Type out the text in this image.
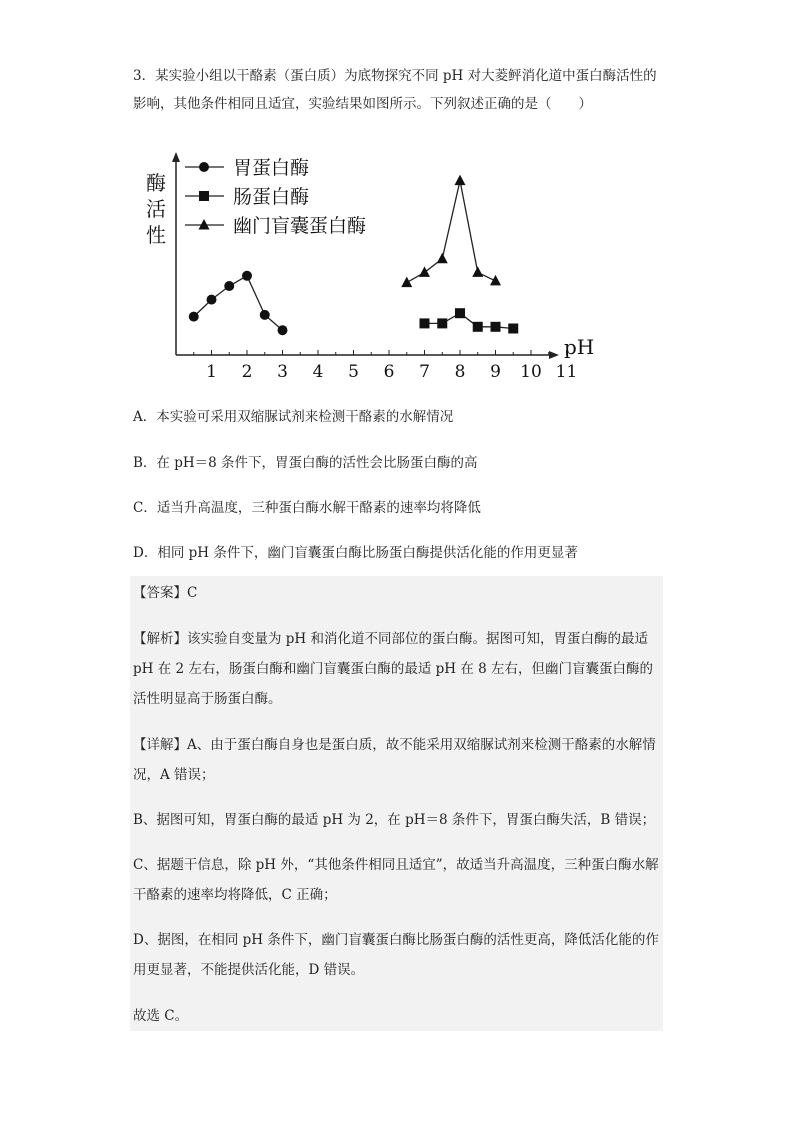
3．某实验小组以干酪素（蛋白质）为底物探究不同 pH 对大菱鲆消化道中蛋白酶活性的影响，其他条件相同且适宜，实验结果如图所示。下列叙述正确的是（　　）
酶
活
性
pH
1 2 3 4 5 6 7 8 9 10 11
胃蛋白酶
肠蛋白酶
幽门盲囊蛋白酶
A．本实验可采用双缩脲试剂来检测干酪素的水解情况
B．在 pH＝8 条件下，胃蛋白酶的活性会比肠蛋白酶的高
C．适当升高温度，三种蛋白酶水解干酪素的速率均将降低
D．相同 pH 条件下，幽门盲囊蛋白酶比肠蛋白酶提供活化能的作用更显著
【答案】C
【解析】该实验自变量为 pH 和消化道不同部位的蛋白酶。据图可知，胃蛋白酶的最适 pH 在 2 左右，肠蛋白酶和幽门盲囊蛋白酶的最适 pH 在 8 左右，但幽门盲囊蛋白酶的活性明显高于肠蛋白酶。
【详解】A、由于蛋白酶自身也是蛋白质，故不能采用双缩脲试剂来检测干酪素的水解情况，A 错误；
B、据图可知，胃蛋白酶的最适 pH 为 2，在 pH＝8 条件下，胃蛋白酶失活，B 错误；
C、据题干信息，除 pH 外，“其他条件相同且适宜”，故适当升高温度，三种蛋白酶水解干酪素的速率均将降低，C 正确；
D、据图，在相同 pH 条件下，幽门盲囊蛋白酶比肠蛋白酶的活性更高，降低活化能的作用更显著，不能提供活化能，D 错误。
故选 C。
